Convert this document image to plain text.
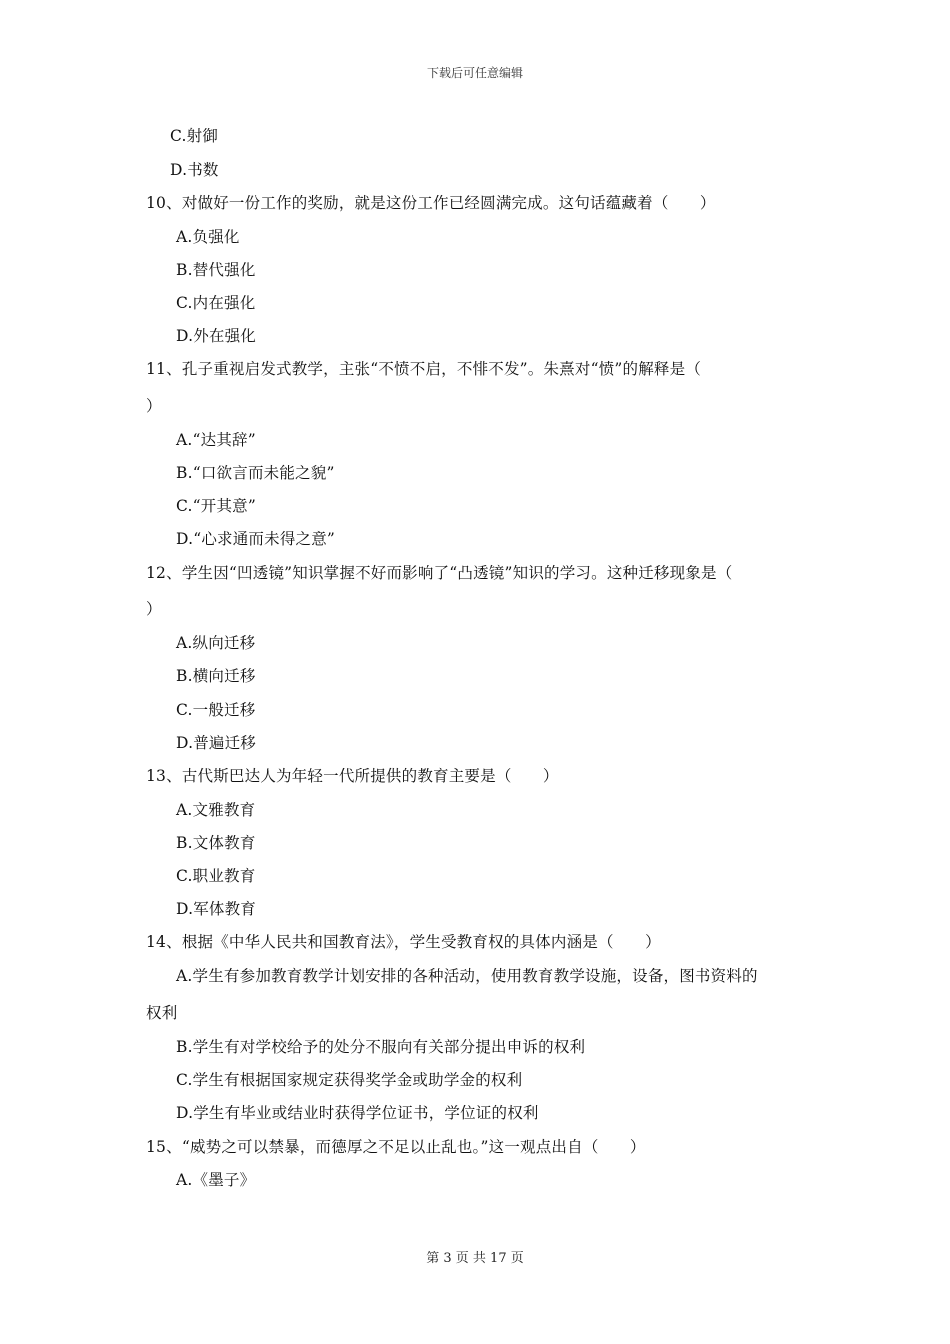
下载后可任意编辑
C.射御
D.书数
10、对做好一份工作的奖励，就是这份工作已经圆满完成。这句话蕴藏着（　　）
A.负强化
B.替代强化
C.内在强化
D.外在强化
11、孔子重视启发式教学，主张“不愤不启，不悱不发”。朱熹对“愤”的解释是（
）
A.“达其辞”
B.“口欲言而未能之貌”
C.“开其意”
D.“心求通而未得之意”
12、学生因“凹透镜”知识掌握不好而影响了“凸透镜”知识的学习。这种迁移现象是（
）
A.纵向迁移
B.横向迁移
C.一般迁移
D.普遍迁移
13、古代斯巴达人为年轻一代所提供的教育主要是（　　）
A.文雅教育
B.文体教育
C.职业教育
D.军体教育
14、根据《中华人民共和国教育法》，学生受教育权的具体内涵是（　　）
A.学生有参加教育教学计划安排的各种活动，使用教育教学设施，设备，图书资料的
权利
B.学生有对学校给予的处分不服向有关部分提出申诉的权利
C.学生有根据国家规定获得奖学金或助学金的权利
D.学生有毕业或结业时获得学位证书，学位证的权利
15、“威势之可以禁暴，而德厚之不足以止乱也。”这一观点出自（　　）
A.《墨子》
第 3 页 共 17 页
